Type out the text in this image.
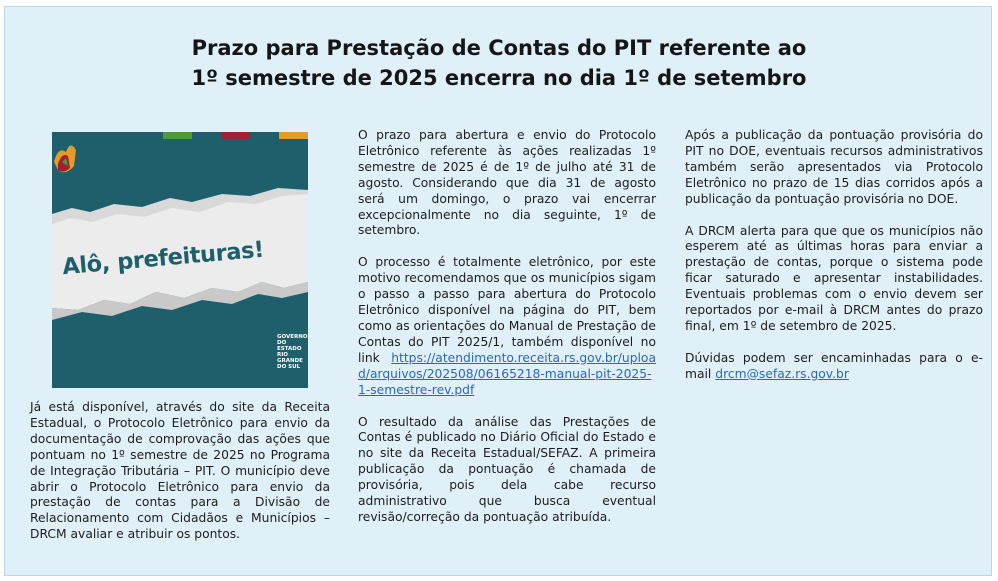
Prazo para Prestação de Contas do PIT referente ao
1º semestre de 2025 encerra no dia 1º de setembro
Alô, prefeituras!
GOVERNO DO ESTADO RIO GRANDE DO SUL

Já está disponível, através do site da Receita Estadual, o Protocolo Eletrônico para envio da documentação de comprovação das ações que pontuam no 1º semestre de 2025 no Programa de Integração Tributária – PIT. O município deve abrir o Protocolo Eletrônico para envio da prestação de contas para a Divisão de Relacionamento com Cidadãos e Municípios – DRCM avaliar e atribuir os pontos.

O prazo para abertura e envio do Protocolo Eletrônico referente às ações realizadas 1º semestre de 2025 é de 1º de julho até 31 de agosto. Considerando que dia 31 de agosto será um domingo, o prazo vai encerrar excepcionalmente no dia seguinte, 1º de setembro.

O processo é totalmente eletrônico, por este motivo recomendamos que os municípios sigam o passo a passo para abertura do Protocolo Eletrônico disponível na página do PIT, bem como as orientações do Manual de Prestação de Contas do PIT 2025/1, também disponível no link https://atendimento.receita.rs.gov.br/upload/arquivos/202508/06165218-manual-pit-2025-1-semestre-rev.pdf

O resultado da análise das Prestações de Contas é publicado no Diário Oficial do Estado e no site da Receita Estadual/SEFAZ. A primeira publicação da pontuação é chamada de provisória, pois dela cabe recurso administrativo que busca eventual revisão/correção da pontuação atribuída.

Após a publicação da pontuação provisória do PIT no DOE, eventuais recursos administrativos também serão apresentados via Protocolo Eletrônico no prazo de 15 dias corridos após a publicação da pontuação provisória no DOE.

A DRCM alerta para que que os municípios não esperem até as últimas horas para enviar a prestação de contas, porque o sistema pode ficar saturado e apresentar instabilidades. Eventuais problemas com o envio devem ser reportados por e-mail à DRCM antes do prazo final, em 1º de setembro de 2025.

Dúvidas podem ser encaminhadas para o e-mail drcm@sefaz.rs.gov.br
